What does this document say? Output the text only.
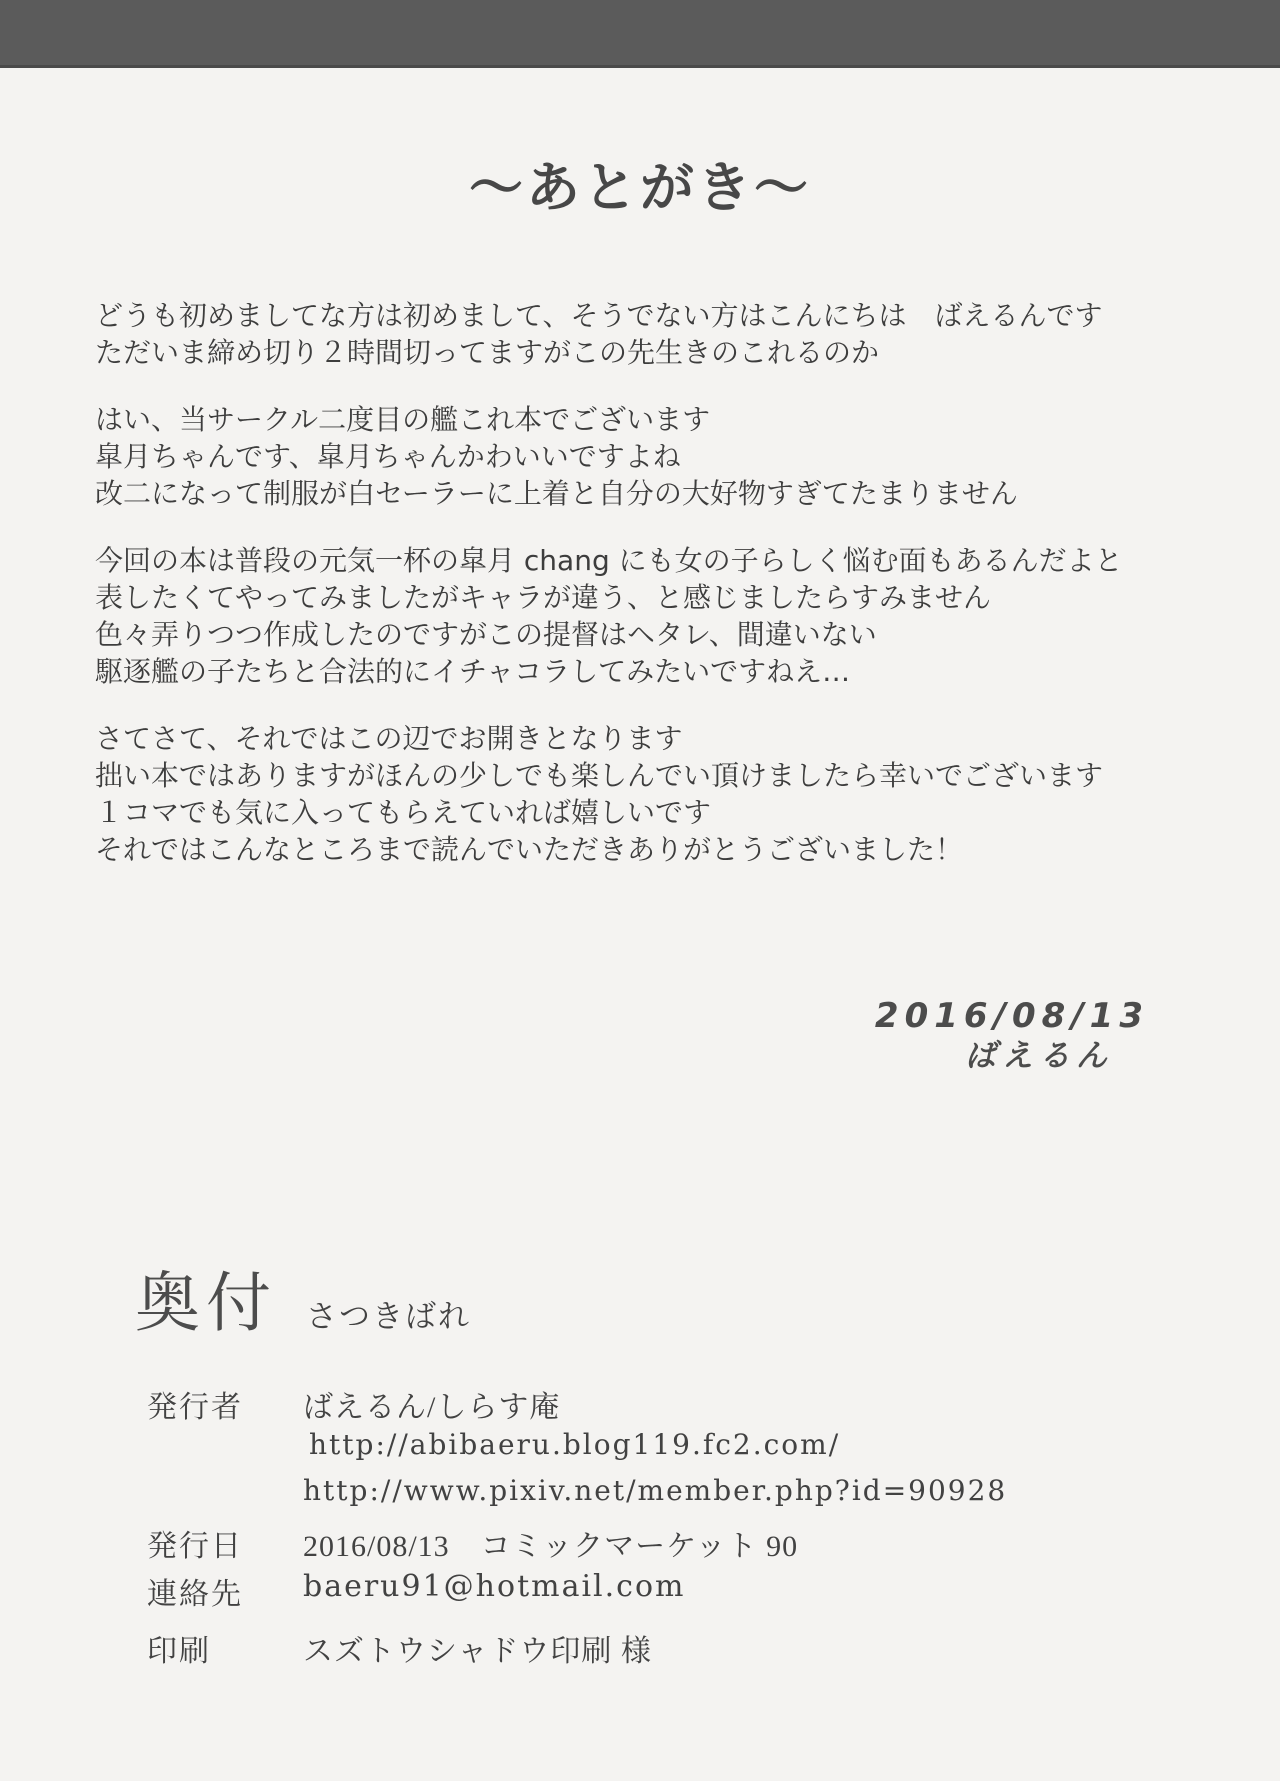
～あとがき～
どうも初めましてな方は初めまして、そうでない方はこんにちは　ばえるんです
ただいま締め切り２時間切ってますがこの先生きのこれるのか
はい、当サークル二度目の艦これ本でございます
皐月ちゃんです、皐月ちゃんかわいいですよね
改二になって制服が白セーラーに上着と自分の大好物すぎてたまりません
今回の本は普段の元気一杯の皐月 chang にも女の子らしく悩む面もあるんだよと
表したくてやってみましたがキャラが違う、と感じましたらすみません
色々弄りつつ作成したのですがこの提督はヘタレ、間違いない
駆逐艦の子たちと合法的にイチャコラしてみたいですねえ…
さてさて、それではこの辺でお開きとなります
拙い本ではありますがほんの少しでも楽しんでい頂けましたら幸いでございます
１コマでも気に入ってもらえていれば嬉しいです
それではこんなところまで読んでいただきありがとうございました！
2016/08/13
ばえるん
奥付 さつきばれ
発行者 ばえるん/しらす庵
http://abibaeru.blog119.fc2.com/
http://www.pixiv.net/member.php?id=90928
発行日 2016/08/13　コミックマーケット 90
連絡先 baeru91@hotmail.com
印刷	スズトウシャドウ印刷 様
